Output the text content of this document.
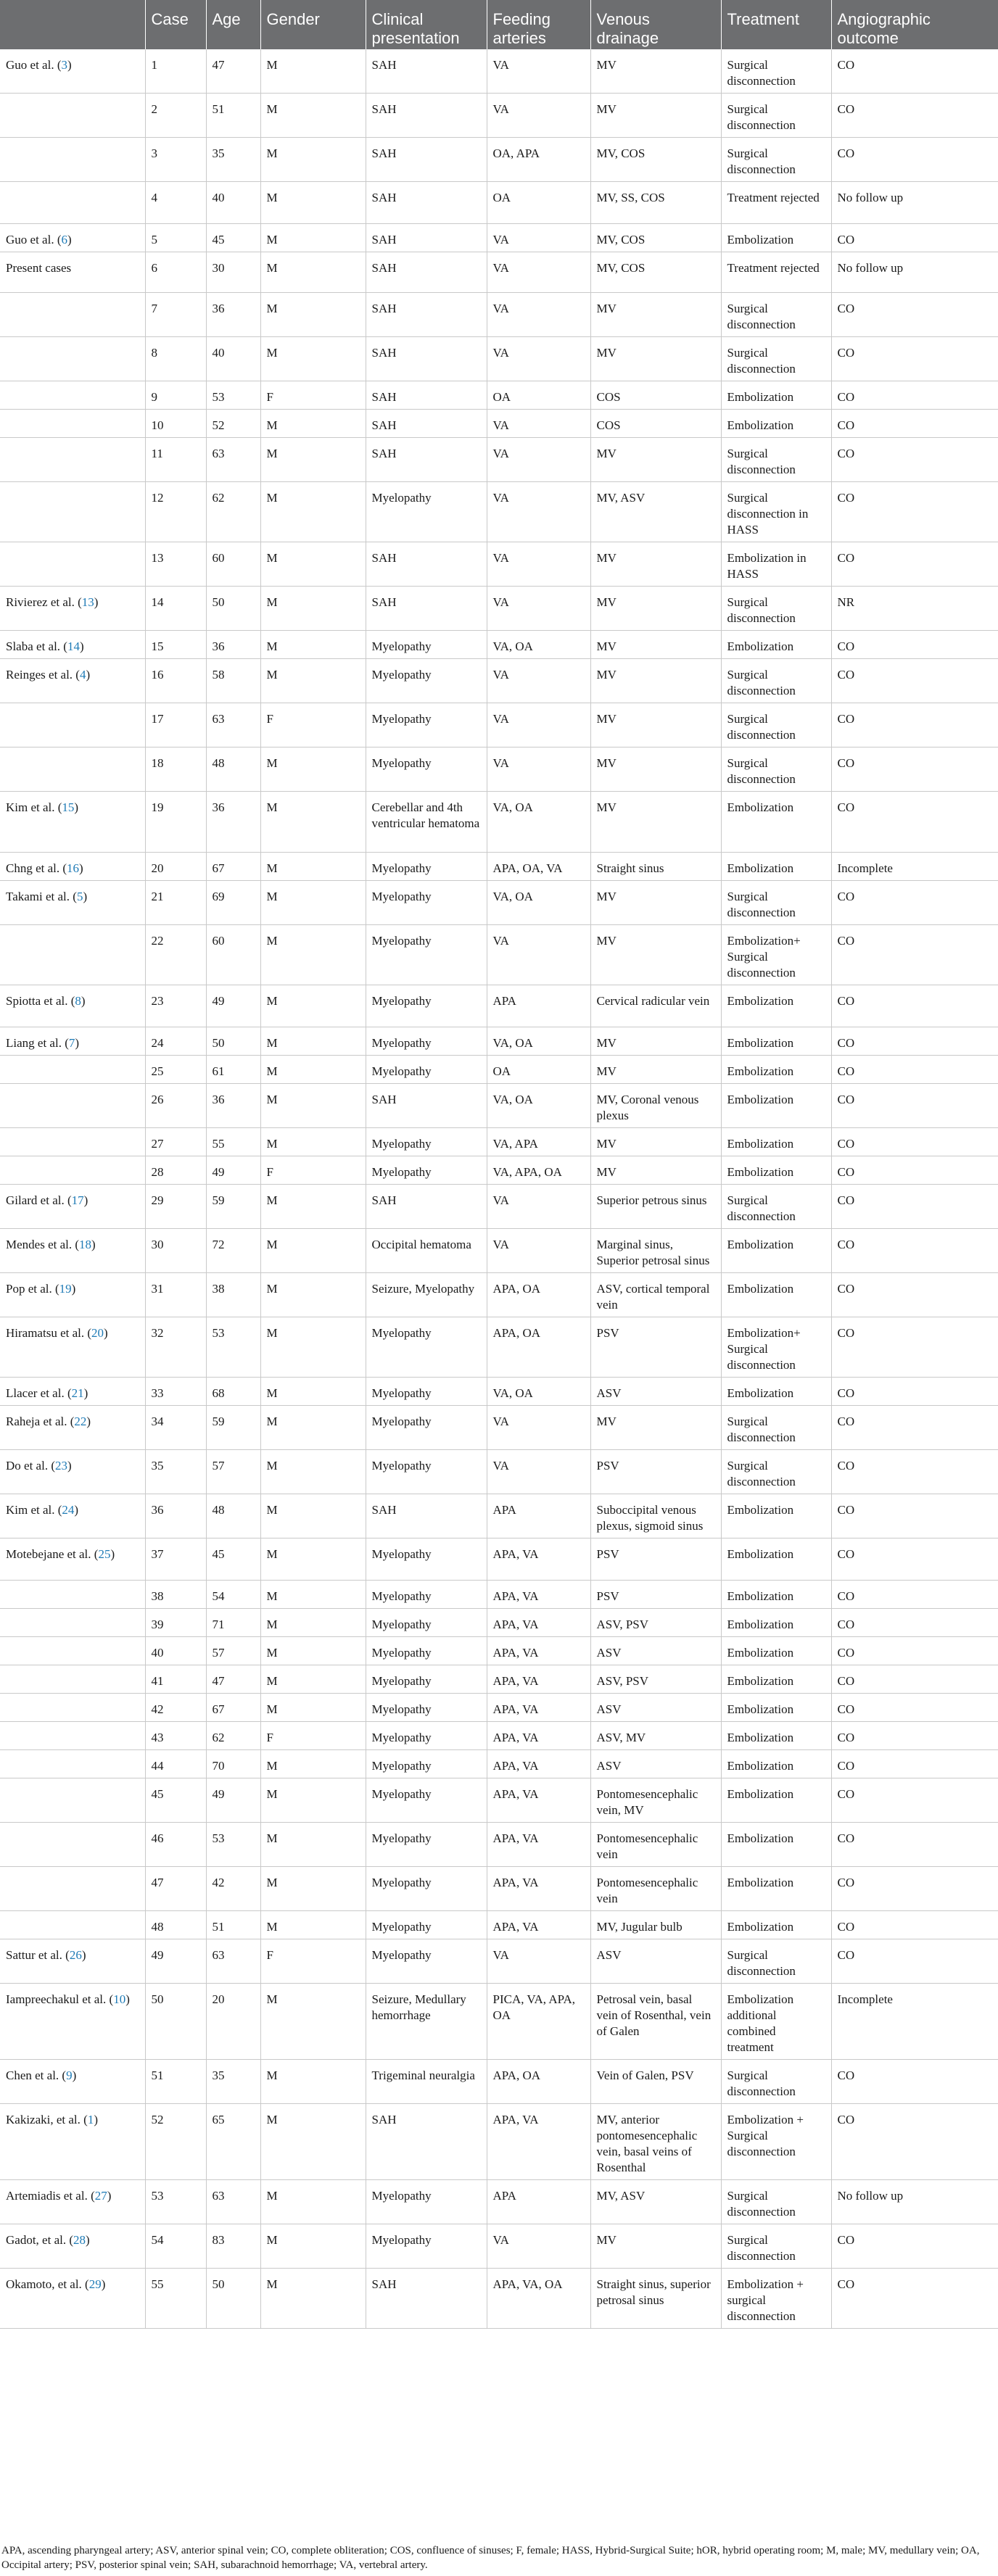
	Case	Age	Gender	Clinical presentation	Feeding arteries	Venous drainage	Treatment	Angiographic outcome
Guo et al. (3)	1	47	M	SAH	VA	MV	Surgical disconnection	CO
	2	51	M	SAH	VA	MV	Surgical disconnection	CO
	3	35	M	SAH	OA, APA	MV, COS	Surgical disconnection	CO
	4	40	M	SAH	OA	MV, SS, COS	Treatment rejected	No follow up
Guo et al. (6)	5	45	M	SAH	VA	MV, COS	Embolization	CO
Present cases	6	30	M	SAH	VA	MV, COS	Treatment rejected	No follow up
	7	36	M	SAH	VA	MV	Surgical disconnection	CO
	8	40	M	SAH	VA	MV	Surgical disconnection	CO
	9	53	F	SAH	OA	COS	Embolization	CO
	10	52	M	SAH	VA	COS	Embolization	CO
	11	63	M	SAH	VA	MV	Surgical disconnection	CO
	12	62	M	Myelopathy	VA	MV, ASV	Surgical disconnection in HASS	CO
	13	60	M	SAH	VA	MV	Embolization in HASS	CO
Rivierez et al. (13)	14	50	M	SAH	VA	MV	Surgical disconnection	NR
Slaba et al. (14)	15	36	M	Myelopathy	VA, OA	MV	Embolization	CO
Reinges et al. (4)	16	58	M	Myelopathy	VA	MV	Surgical disconnection	CO
	17	63	F	Myelopathy	VA	MV	Surgical disconnection	CO
	18	48	M	Myelopathy	VA	MV	Surgical disconnection	CO
Kim et al. (15)	19	36	M	Cerebellar and 4th ventricular hematoma	VA, OA	MV	Embolization	CO
Chng et al. (16)	20	67	M	Myelopathy	APA, OA, VA	Straight sinus	Embolization	Incomplete
Takami et al. (5)	21	69	M	Myelopathy	VA, OA	MV	Surgical disconnection	CO
	22	60	M	Myelopathy	VA	MV	Embolization+ Surgical disconnection	CO
Spiotta et al. (8)	23	49	M	Myelopathy	APA	Cervical radicular vein	Embolization	CO
Liang et al. (7)	24	50	M	Myelopathy	VA, OA	MV	Embolization	CO
	25	61	M	Myelopathy	OA	MV	Embolization	CO
	26	36	M	SAH	VA, OA	MV, Coronal venous plexus	Embolization	CO
	27	55	M	Myelopathy	VA, APA	MV	Embolization	CO
	28	49	F	Myelopathy	VA, APA, OA	MV	Embolization	CO
Gilard et al. (17)	29	59	M	SAH	VA	Superior petrous sinus	Surgical disconnection	CO
Mendes et al. (18)	30	72	M	Occipital hematoma	VA	Marginal sinus, Superior petrosal sinus	Embolization	CO
Pop et al. (19)	31	38	M	Seizure, Myelopathy	APA, OA	ASV, cortical temporal vein	Embolization	CO
Hiramatsu et al. (20)	32	53	M	Myelopathy	APA, OA	PSV	Embolization+ Surgical disconnection	CO
Llacer et al. (21)	33	68	M	Myelopathy	VA, OA	ASV	Embolization	CO
Raheja et al. (22)	34	59	M	Myelopathy	VA	MV	Surgical disconnection	CO
Do et al. (23)	35	57	M	Myelopathy	VA	PSV	Surgical disconnection	CO
Kim et al. (24)	36	48	M	SAH	APA	Suboccipital venous plexus, sigmoid sinus	Embolization	CO
Motebejane et al. (25)	37	45	M	Myelopathy	APA, VA	PSV	Embolization	CO
	38	54	M	Myelopathy	APA, VA	PSV	Embolization	CO
	39	71	M	Myelopathy	APA, VA	ASV, PSV	Embolization	CO
	40	57	M	Myelopathy	APA, VA	ASV	Embolization	CO
	41	47	M	Myelopathy	APA, VA	ASV, PSV	Embolization	CO
	42	67	M	Myelopathy	APA, VA	ASV	Embolization	CO
	43	62	F	Myelopathy	APA, VA	ASV, MV	Embolization	CO
	44	70	M	Myelopathy	APA, VA	ASV	Embolization	CO
	45	49	M	Myelopathy	APA, VA	Pontomesencephalic vein, MV	Embolization	CO
	46	53	M	Myelopathy	APA, VA	Pontomesencephalic vein	Embolization	CO
	47	42	M	Myelopathy	APA, VA	Pontomesencephalic vein	Embolization	CO
	48	51	M	Myelopathy	APA, VA	MV, Jugular bulb	Embolization	CO
Sattur et al. (26)	49	63	F	Myelopathy	VA	ASV	Surgical disconnection	CO
Iampreechakul et al. (10)	50	20	M	Seizure, Medullary hemorrhage	PICA, VA, APA, OA	Petrosal vein, basal vein of Rosenthal, vein of Galen	Embolization additional combined treatment	Incomplete
Chen et al. (9)	51	35	M	Trigeminal neuralgia	APA, OA	Vein of Galen, PSV	Surgical disconnection	CO
Kakizaki, et al. (1)	52	65	M	SAH	APA, VA	MV, anterior pontomesencephalic vein, basal veins of Rosenthal	Embolization + Surgical disconnection	CO
Artemiadis et al. (27)	53	63	M	Myelopathy	APA	MV, ASV	Surgical disconnection	No follow up
Gadot, et al. (28)	54	83	M	Myelopathy	VA	MV	Surgical disconnection	CO
Okamoto, et al. (29)	55	50	M	SAH	APA, VA, OA	Straight sinus, superior petrosal sinus	Embolization + surgical disconnection	CO
APA, ascending pharyngeal artery; ASV, anterior spinal vein; CO, complete obliteration; COS, confluence of sinuses; F, female; HASS, Hybrid-Surgical Suite; hOR, hybrid operating room; M, male; MV, medullary vein; OA, Occipital artery; PSV, posterior spinal vein; SAH, subarachnoid hemorrhage; VA, vertebral artery.
